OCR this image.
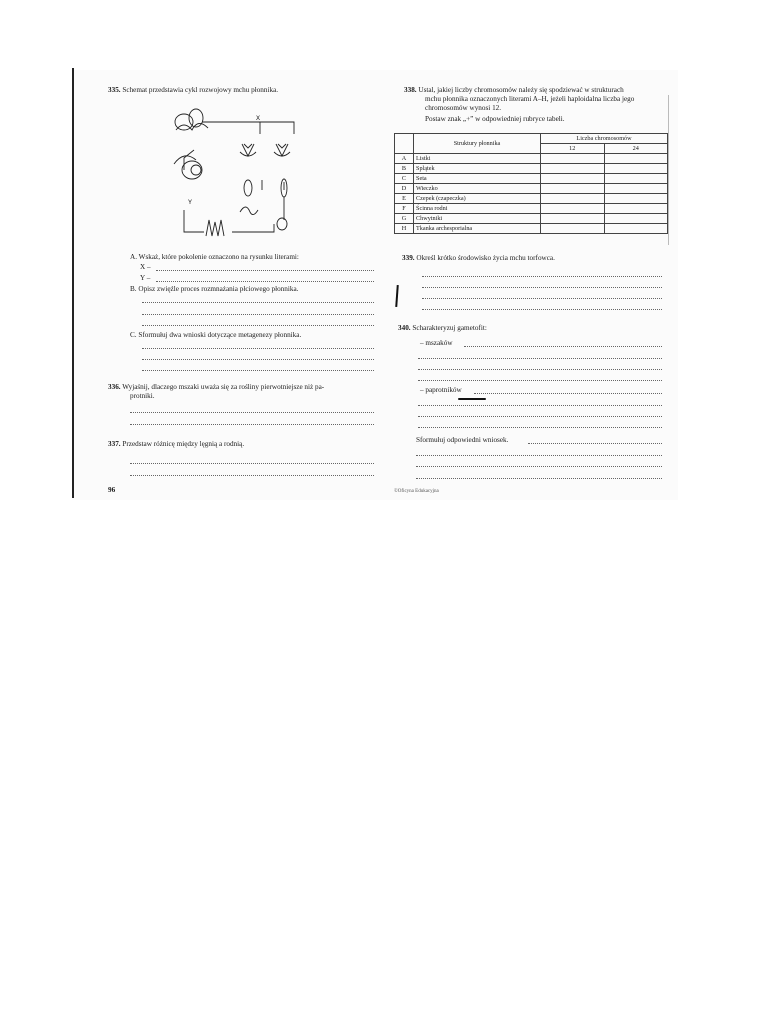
335. Schemat przedstawia cykl rozwojowy mchu płonnika.
X
Y
A. Wskaż, które pokolenie oznaczono na rysunku literami:
X –
Y –
B. Opisz zwięźle proces rozmnażania płciowego płonnika.
C. Sformułuj dwa wnioski dotyczące metagenezy płonnika.
336. Wyjaśnij, dlaczego mszaki uważa się za rośliny pierwotniejsze niż pa-
protniki.
337. Przedstaw różnicę między lęgnią a rodnią.
96
338. Ustal, jakiej liczby chromosomów należy się spodziewać w strukturach
mchu płonnika oznaczonych literami A–H, jeżeli haploidalna liczba jego
chromosomów wynosi 12.
Postaw znak „+” w odpowiedniej rubryce tabeli.
	Struktury płonnika	Liczba chromosomów	
		12	24
A	Listki		
B	Splątek		
C	Seta		
D	Wieczko		
E	Czepek (czapeczka)		
F	Ścinna rodni		
G	Chwytniki		
H	Tkanka archesporialna		
339. Określ krótko środowisko życia mchu torfowca.
340. Scharakteryzuj gametofit:
– mszaków
– paprotników
Sformułuj odpowiedni wniosek.
©Oficyna Edukacyjna
